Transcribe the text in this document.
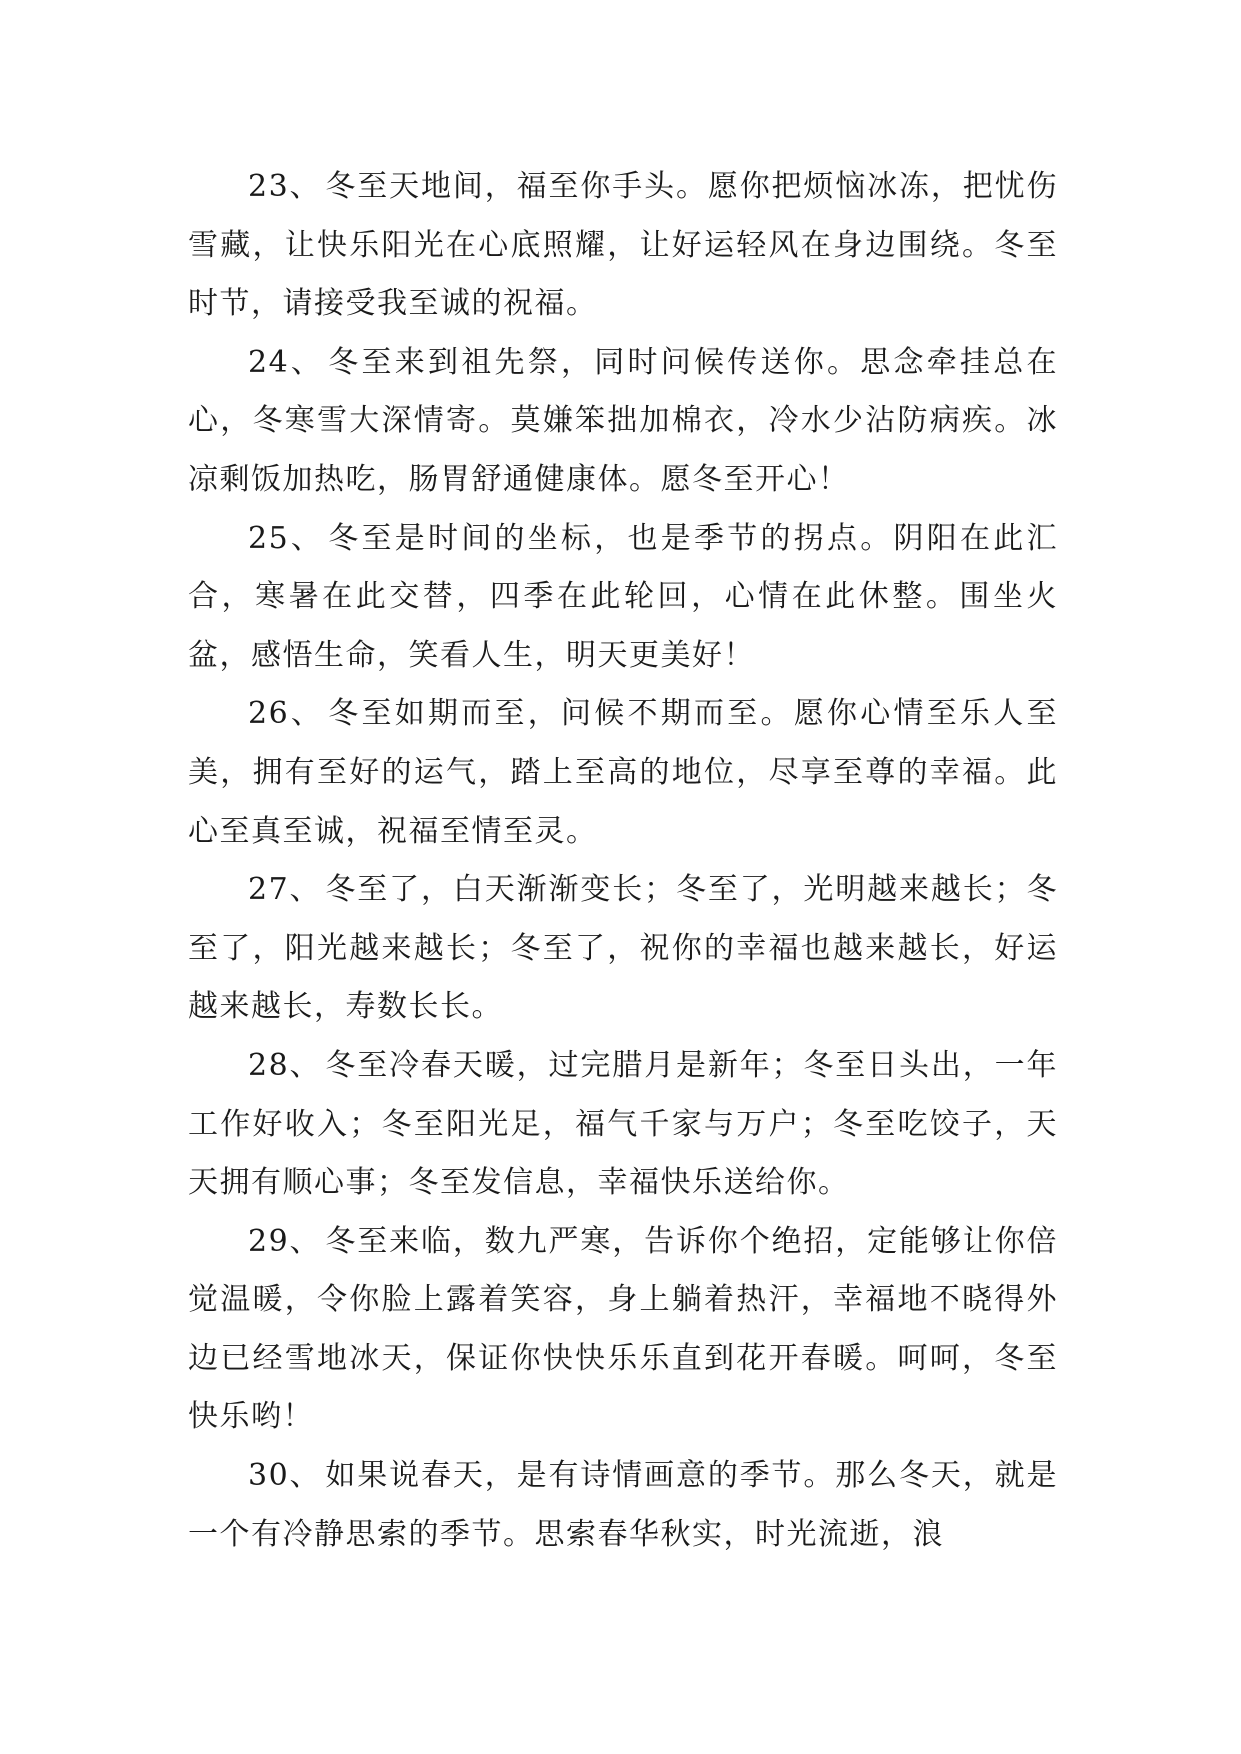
23、 冬至天地间，福至你手头。愿你把烦恼冰冻，把忧伤雪藏，让快乐阳光在心底照耀，让好运轻风在身边围绕。冬至时节，请接受我至诚的祝福。

24、 冬至来到祖先祭，同时问候传送你。思念牵挂总在心，冬寒雪大深情寄。莫嫌笨拙加棉衣，冷水少沾防病疾。冰凉剩饭加热吃，肠胃舒通健康体。愿冬至开心！

25、 冬至是时间的坐标，也是季节的拐点。阴阳在此汇合，寒暑在此交替，四季在此轮回，心情在此休整。围坐火盆，感悟生命，笑看人生，明天更美好！

26、 冬至如期而至，问候不期而至。愿你心情至乐人至美，拥有至好的运气，踏上至高的地位，尽享至尊的幸福。此心至真至诚，祝福至情至灵。

27、 冬至了，白天渐渐变长；冬至了，光明越来越长；冬至了，阳光越来越长；冬至了，祝你的幸福也越来越长，好运越来越长，寿数长长。

28、 冬至冷春天暖，过完腊月是新年；冬至日头出，一年工作好收入；冬至阳光足，福气千家与万户；冬至吃饺子，天天拥有顺心事；冬至发信息，幸福快乐送给你。

29、 冬至来临，数九严寒，告诉你个绝招，定能够让你倍觉温暖，令你脸上露着笑容，身上躺着热汗，幸福地不晓得外边已经雪地冰天，保证你快快乐乐直到花开春暖。呵呵，冬至快乐哟！

30、 如果说春天，是有诗情画意的季节。那么冬天，就是一个有冷静思索的季节。思索春华秋实，时光流逝，浪
